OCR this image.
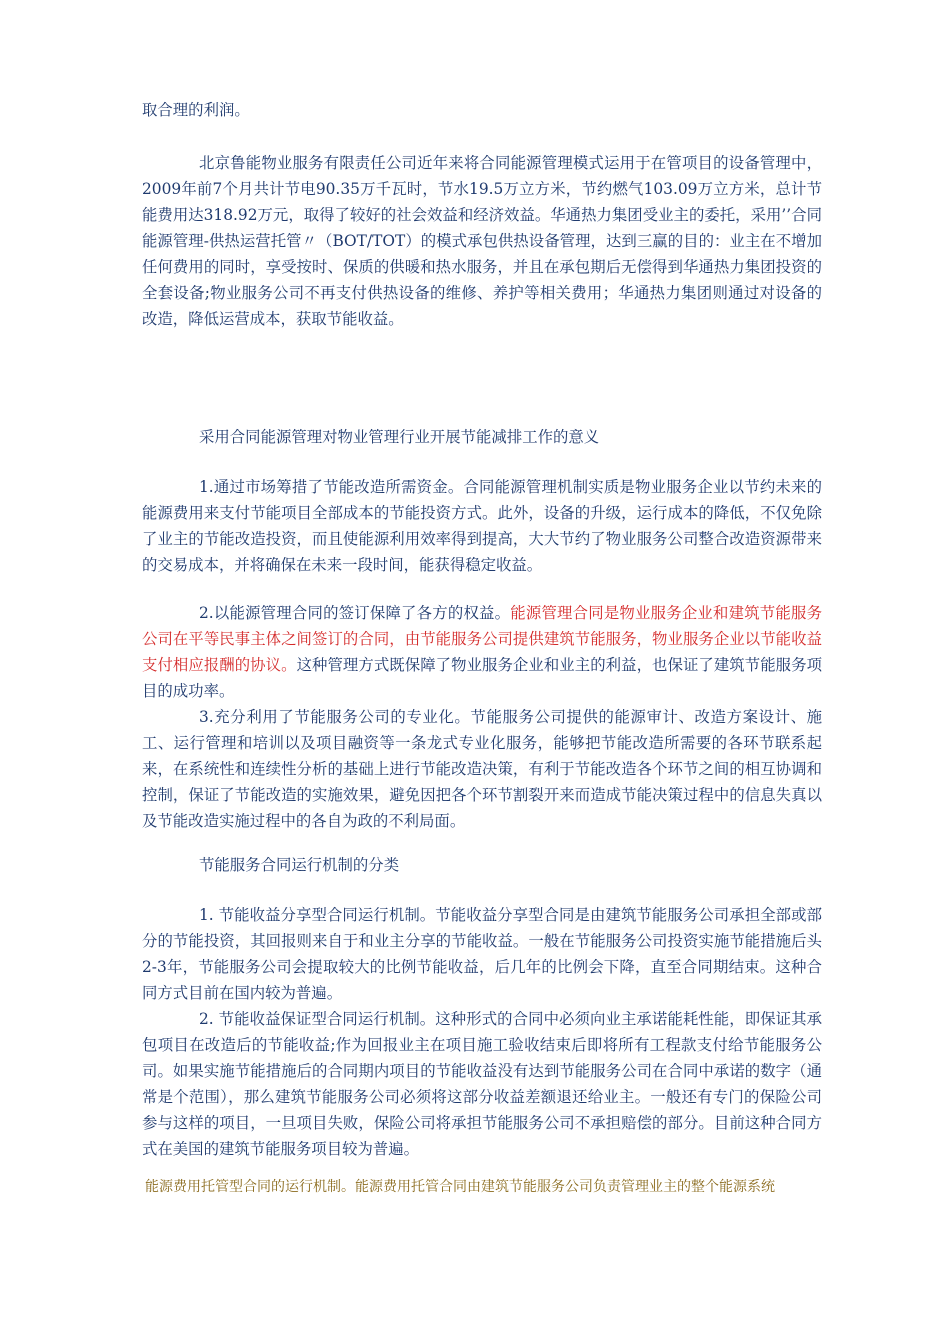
取合理的利润。

北京鲁能物业服务有限责任公司近年来将合同能源管理模式运用于在管项目的设备管理中，2009年前7个月共计节电90.35万千瓦时，节水19.5万立方米，节约燃气103.09万立方米，总计节能费用达318.92万元，取得了较好的社会效益和经济效益。华通热力集团受业主的委托，采用’’合同能源管理-供热运营托管〃（BOT/TOT）的模式承包供热设备管理，达到三赢的目的：业主在不增加任何费用的同时，享受按时、保质的供暖和热水服务，并且在承包期后无偿得到华通热力集团投资的全套设备;物业服务公司不再支付供热设备的维修、养护等相关费用；华通热力集团则通过对设备的改造，降低运营成本，获取节能收益。

采用合同能源管理对物业管理行业开展节能减排工作的意义

1.通过市场筹措了节能改造所需资金。合同能源管理机制实质是物业服务企业以节约未来的能源费用来支付节能项目全部成本的节能投资方式。此外，设备的升级，运行成本的降低，不仅免除了业主的节能改造投资，而且使能源利用效率得到提高，大大节约了物业服务公司整合改造资源带来的交易成本，并将确保在未来一段时间，能获得稳定收益。

2.以能源管理合同的签订保障了各方的权益。能源管理合同是物业服务企业和建筑节能服务公司在平等民事主体之间签订的合同，由节能服务公司提供建筑节能服务，物业服务企业以节能收益支付相应报酬的协议。这种管理方式既保障了物业服务企业和业主的利益，也保证了建筑节能服务项目的成功率。

3.充分利用了节能服务公司的专业化。节能服务公司提供的能源审计、改造方案设计、施工、运行管理和培训以及项目融资等一条龙式专业化服务，能够把节能改造所需要的各环节联系起来，在系统性和连续性分析的基础上进行节能改造决策，有利于节能改造各个环节之间的相互协调和控制，保证了节能改造的实施效果，避免因把各个环节割裂开来而造成节能决策过程中的信息失真以及节能改造实施过程中的各自为政的不利局面。

节能服务合同运行机制的分类

1. 节能收益分享型合同运行机制。节能收益分享型合同是由建筑节能服务公司承担全部或部分的节能投资，其回报则来自于和业主分享的节能收益。一般在节能服务公司投资实施节能措施后头2-3年，节能服务公司会提取较大的比例节能收益，后几年的比例会下降，直至合同期结束。这种合同方式目前在国内较为普遍。

2. 节能收益保证型合同运行机制。这种形式的合同中必须向业主承诺能耗性能，即保证其承包项目在改造后的节能收益;作为回报业主在项目施工验收结束后即将所有工程款支付给节能服务公司。如果实施节能措施后的合同期内项目的节能收益没有达到节能服务公司在合同中承诺的数字（通常是个范围），那么建筑节能服务公司必须将这部分收益差额退还给业主。一般还有专门的保险公司参与这样的项目，一旦项目失败，保险公司将承担节能服务公司不承担赔偿的部分。目前这种合同方式在美国的建筑节能服务项目较为普遍。

能源费用托管型合同的运行机制。能源费用托管合同由建筑节能服务公司负责管理业主的整个能源系统
